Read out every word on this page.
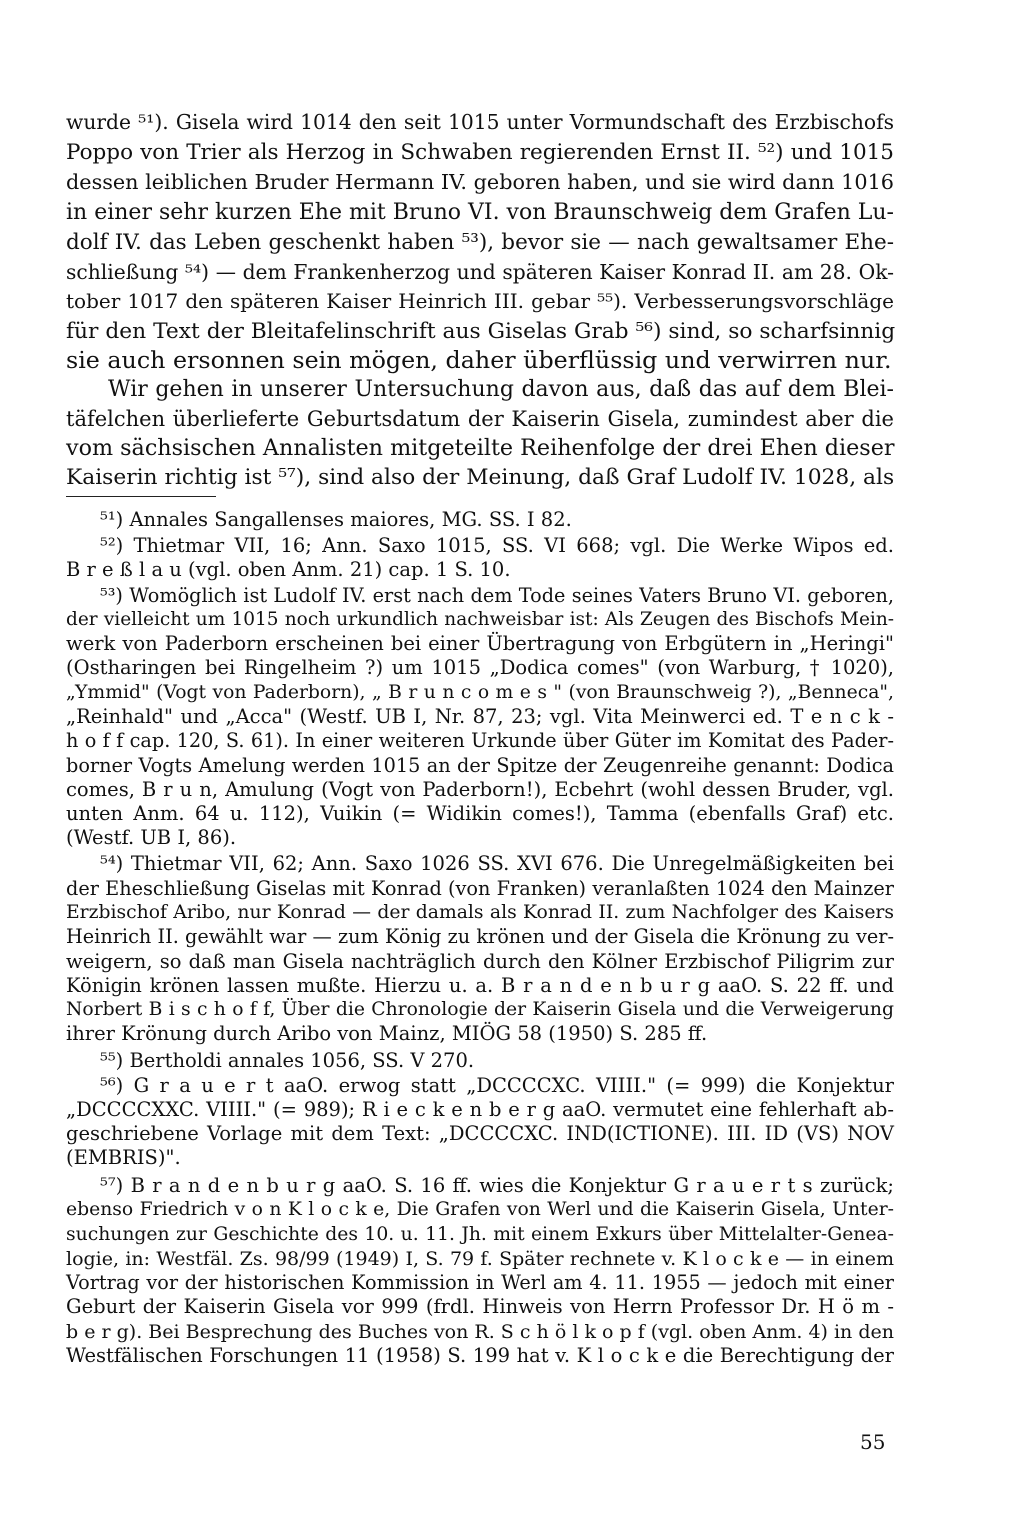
wurde ⁵¹). Gisela wird 1014 den seit 1015 unter Vormundschaft des Erzbischofs

Poppo von Trier als Herzog in Schwaben regierenden Ernst II. ⁵²) und 1015

dessen leiblichen Bruder Hermann IV. geboren haben, und sie wird dann 1016

in einer sehr kurzen Ehe mit Bruno VI. von Braunschweig dem Grafen Lu-

dolf IV. das Leben geschenkt haben ⁵³), bevor sie — nach gewaltsamer Ehe-

schließung ⁵⁴) — dem Frankenherzog und späteren Kaiser Konrad II. am 28. Ok-

tober 1017 den späteren Kaiser Heinrich III. gebar ⁵⁵). Verbesserungsvorschläge

für den Text der Bleitafelinschrift aus Giselas Grab ⁵⁶) sind, so scharfsinnig

sie auch ersonnen sein mögen, daher überflüssig und verwirren nur.

Wir gehen in unserer Untersuchung davon aus, daß das auf dem Blei-

täfelchen überlieferte Geburtsdatum der Kaiserin Gisela, zumindest aber die

vom sächsischen Annalisten mitgeteilte Reihenfolge der drei Ehen dieser

Kaiserin richtig ist ⁵⁷), sind also der Meinung, daß Graf Ludolf IV. 1028, als

⁵¹) Annales Sangallenses maiores, MG. SS. I 82.
⁵²) Thietmar VII, 16; Ann. Saxo 1015, SS. VI 668; vgl. Die Werke Wipos ed.
B r e ß l a u (vgl. oben Anm. 21) cap. 1 S. 10.
⁵³) Womöglich ist Ludolf IV. erst nach dem Tode seines Vaters Bruno VI. geboren,
der vielleicht um 1015 noch urkundlich nachweisbar ist: Als Zeugen des Bischofs Mein-
werk von Paderborn erscheinen bei einer Übertragung von Erbgütern in „Heringi"
(Ostharingen bei Ringelheim ?) um 1015 „Dodica comes" (von Warburg, † 1020),
„Ymmid" (Vogt von Paderborn), „ B r u n c o m e s " (von Braunschweig ?), „Benneca",
„Reinhald" und „Acca" (Westf. UB I, Nr. 87, 23; vgl. Vita Meinwerci ed. T e n c k -
h o f f cap. 120, S. 61). In einer weiteren Urkunde über Güter im Komitat des Pader-
borner Vogts Amelung werden 1015 an der Spitze der Zeugenreihe genannt: Dodica
comes, B r u n, Amulung (Vogt von Paderborn!), Ecbehrt (wohl dessen Bruder, vgl.
unten Anm. 64 u. 112), Vuikin (= Widikin comes!), Tamma (ebenfalls Graf) etc.
(Westf. UB I, 86).
⁵⁴) Thietmar VII, 62; Ann. Saxo 1026 SS. XVI 676. Die Unregelmäßigkeiten bei
der Eheschließung Giselas mit Konrad (von Franken) veranlaßten 1024 den Mainzer
Erzbischof Aribo, nur Konrad — der damals als Konrad II. zum Nachfolger des Kaisers
Heinrich II. gewählt war — zum König zu krönen und der Gisela die Krönung zu ver-
weigern, so daß man Gisela nachträglich durch den Kölner Erzbischof Piligrim zur
Königin krönen lassen mußte. Hierzu u. a. B r a n d e n b u r g aaO. S. 22 ff. und
Norbert B i s c h o f f, Über die Chronologie der Kaiserin Gisela und die Verweigerung
ihrer Krönung durch Aribo von Mainz, MIÖG 58 (1950) S. 285 ff.
⁵⁵) Bertholdi annales 1056, SS. V 270.
⁵⁶) G r a u e r t aaO. erwog statt „DCCCCXC. VIIII." (= 999) die Konjektur
„DCCCCXXC. VIIII." (= 989); R i e c k e n b e r g aaO. vermutet eine fehlerhaft ab-
geschriebene Vorlage mit dem Text: „DCCCCXC. IND(ICTIONE). III. ID (VS) NOV
(EMBRIS)".
⁵⁷) B r a n d e n b u r g aaO. S. 16 ff. wies die Konjektur G r a u e r t s zurück;
ebenso Friedrich v o n K l o c k e, Die Grafen von Werl und die Kaiserin Gisela, Unter-
suchungen zur Geschichte des 10. u. 11. Jh. mit einem Exkurs über Mittelalter-Genea-
logie, in: Westfäl. Zs. 98/99 (1949) I, S. 79 f. Später rechnete v. K l o c k e — in einem
Vortrag vor der historischen Kommission in Werl am 4. 11. 1955 — jedoch mit einer
Geburt der Kaiserin Gisela vor 999 (frdl. Hinweis von Herrn Professor Dr. H ö m -
b e r g). Bei Besprechung des Buches von R. S c h ö l k o p f (vgl. oben Anm. 4) in den
Westfälischen Forschungen 11 (1958) S. 199 hat v. K l o c k e die Berechtigung der
55
